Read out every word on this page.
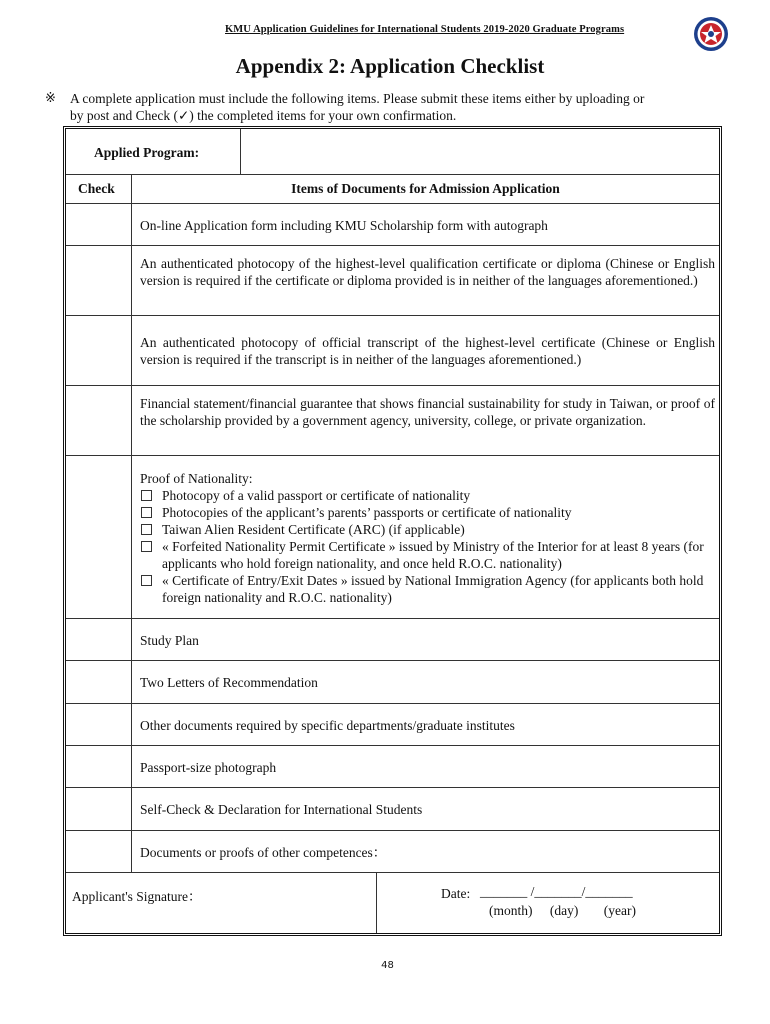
KMU Application Guidelines for International Students 2019-2020 Graduate Programs
Appendix 2: Application Checklist
※ A complete application must include the following items. Please submit these items either by uploading or
by post and Check (✓) the completed items for your own confirmation.
Applied Program:
Check	Items of Documents for Admission Application
On-line Application form including KMU Scholarship form with autograph
An authenticated photocopy of the highest-level qualification certificate or diploma (Chinese or English version is required if the certificate or diploma provided is in neither of the languages aforementioned.)
An authenticated photocopy of official transcript of the highest-level certificate (Chinese or English version is required if the transcript is in neither of the languages aforementioned.)
Financial statement/financial guarantee that shows financial sustainability for study in Taiwan, or proof of the scholarship provided by a government agency, university, college, or private organization.
Proof of Nationality:
Photocopy of a valid passport or certificate of nationality
Photocopies of the applicant’s parents’ passports or certificate of nationality
Taiwan Alien Resident Certificate (ARC) (if applicable)
« Forfeited Nationality Permit Certificate » issued by Ministry of the Interior for at least 8 years (for applicants who hold foreign nationality, and once held R.O.C. nationality)
« Certificate of Entry/Exit Dates » issued by National Immigration Agency (for applicants both hold foreign nationality and R.O.C. nationality)
Study Plan
Two Letters of Recommendation
Other documents required by specific departments/graduate institutes
Passport-size photograph
Self-Check & Declaration for International Students
Documents or proofs of other competences：
Applicant's Signature：	Date: _______ /_______/_______
(month) (day) (year)
48
